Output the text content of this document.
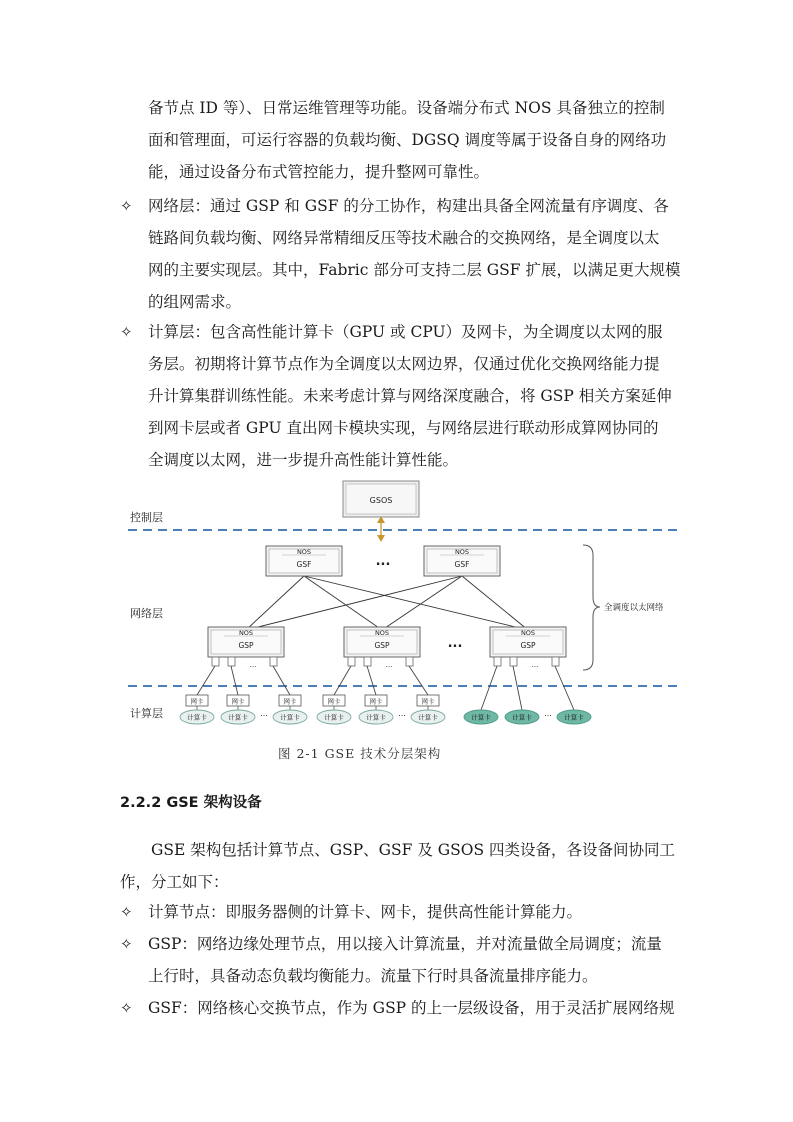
备节点 ID 等）、日常运维管理等功能。设备端分布式 NOS 具备独立的控制
面和管理面，可运行容器的负载均衡、DGSQ 调度等属于设备自身的网络功
能，通过设备分布式管控能力，提升整网可靠性。
✧ 网络层：通过 GSP 和 GSF 的分工协作，构建出具备全网流量有序调度、各
链路间负载均衡、网络异常精细反压等技术融合的交换网络，是全调度以太
网的主要实现层。其中，Fabric 部分可支持二层 GSF 扩展，以满足更大规模
的组网需求。
✧ 计算层：包含高性能计算卡（GPU 或 CPU）及网卡，为全调度以太网的服
务层。初期将计算节点作为全调度以太网边界，仅通过优化交换网络能力提
升计算集群训练性能。未来考虑计算与网络深度融合，将 GSP 相关方案延伸
到网卡层或者 GPU 直出网卡模块实现，与网络层进行联动形成算网协同的
全调度以太网，进一步提升高性能计算性能。
控制层
网络层
计算层
GSOS
NOS
GSF	...
NOS
GSF
NOS
GSP
...
NOS
GSP
...
...
NOS
GSP
...
全调度以太网络
网卡
计算卡
网卡
计算卡
网卡
计算卡
网卡
计算卡
网卡
计算卡
网卡
计算卡	计算卡	计算卡	计算卡
...	...	...
图 2-1 GSE 技术分层架构
2.2.2 GSE 架构设备
GSE 架构包括计算节点、GSP、GSF 及 GSOS 四类设备，各设备间协同工
作，分工如下：
✧ 计算节点：即服务器侧的计算卡、网卡，提供高性能计算能力。
✧ GSP：网络边缘处理节点，用以接入计算流量，并对流量做全局调度；流量
上行时，具备动态负载均衡能力。流量下行时具备流量排序能力。
✧ GSF：网络核心交换节点，作为 GSP 的上一层级设备，用于灵活扩展网络规
